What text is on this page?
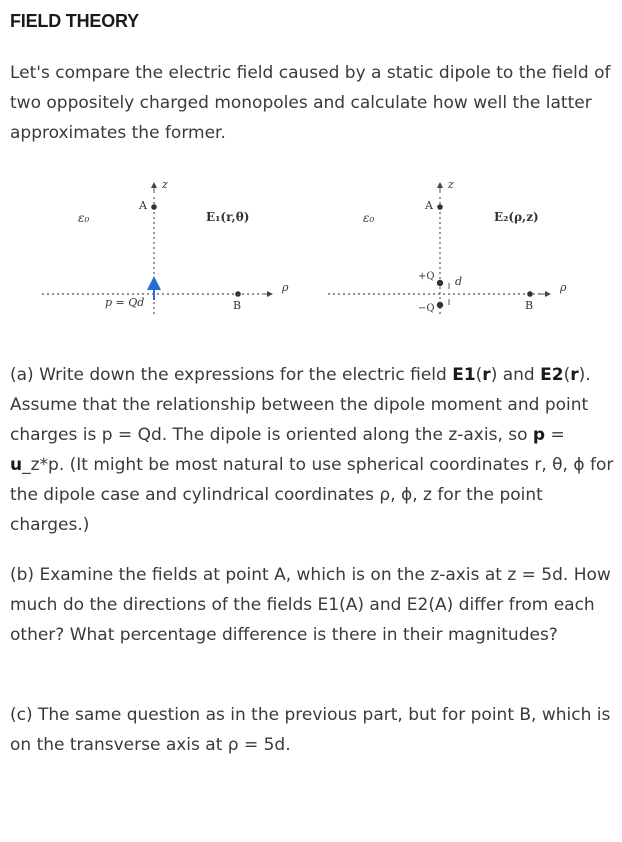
FIELD THEORY
Let's compare the electric field caused by a static dipole to the field of two oppositely charged monopoles and calculate how well the latter approximates the former.
ε₀
z
A
E₁(r,θ)
ρ
p = Qd	B
ε₀
z
A
E₂(ρ,z)
ρ
+Q
−Q
d
B
(a) Write down the expressions for the electric field E1(r) and E2(r). Assume that the relationship between the dipole moment and point charges is p = Qd. The dipole is oriented along the z-axis, so p = u_z*p. (It might be most natural to use spherical coordinates r, θ, ϕ for the dipole case and cylindrical coordinates ρ, ϕ, z for the point charges.)
(b) Examine the fields at point A, which is on the z-axis at z = 5d. How much do the directions of the fields E1(A) and E2(A) differ from each other? What percentage difference is there in their magnitudes?
(c) The same question as in the previous part, but for point B, which is on the transverse axis at ρ = 5d.
